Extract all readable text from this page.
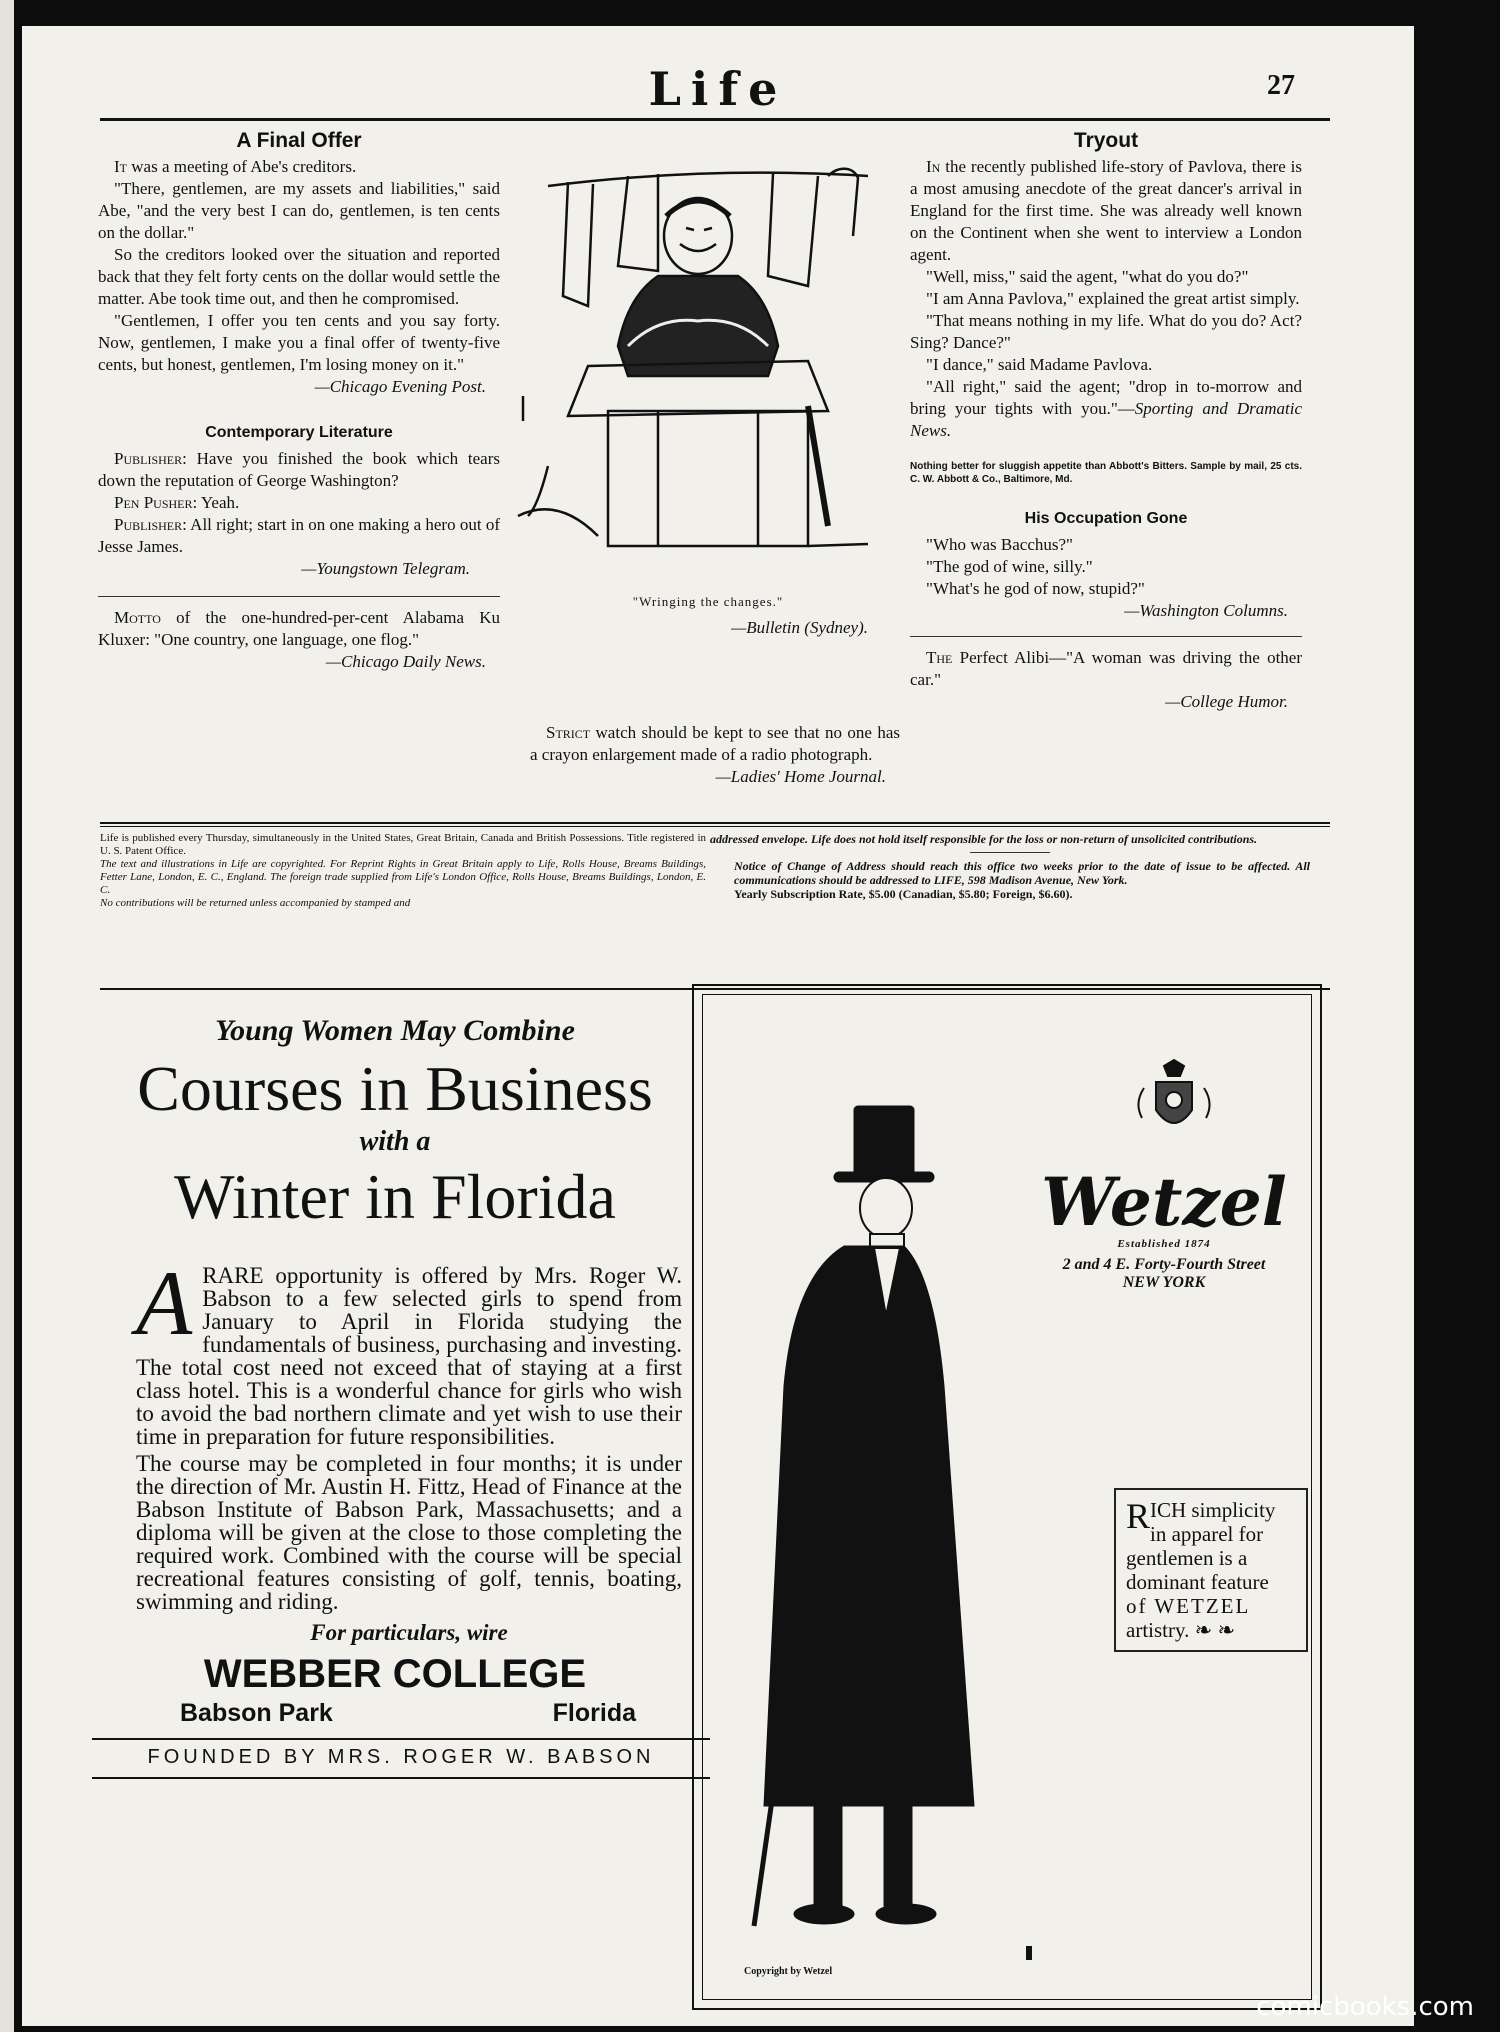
Life	27
A Final Offer

It was a meeting of Abe's creditors.

"There, gentlemen, are my assets and liabilities," said Abe, "and the very best I can do, gentlemen, is ten cents on the dollar."

So the creditors looked over the situation and reported back that they felt forty cents on the dollar would settle the matter. Abe took time out, and then he compromised.

"Gentlemen, I offer you ten cents and you say forty. Now, gentlemen, I make you a final offer of twenty-five cents, but honest, gentlemen, I'm losing money on it."

—Chicago Evening Post.
Contemporary Literature

Publisher: Have you finished the book which tears down the reputation of George Washington?

Pen Pusher: Yeah.

Publisher: All right; start in on one making a hero out of Jesse James.

—Youngstown Telegram.

Motto of the one-hundred-per-cent Alabama Ku Kluxer: "One country, one language, one flog."

—Chicago Daily News.
"Wringing the changes."
—Bulletin (Sydney).

Strict watch should be kept to see that no one has a crayon enlargement made of a radio photograph.

—Ladies' Home Journal.
Tryout

In the recently published life-story of Pavlova, there is a most amusing anecdote of the great dancer's arrival in England for the first time. She was already well known on the Continent when she went to interview a London agent.

"Well, miss," said the agent, "what do you do?"

"I am Anna Pavlova," explained the great artist simply.

"That means nothing in my life. What do you do? Act? Sing? Dance?"

"I dance," said Madame Pavlova.

"All right," said the agent; "drop in to-morrow and bring your tights with you."—Sporting and Dramatic News.

Nothing better for sluggish appetite than Abbott's Bitters. Sample by mail, 25 cts. C. W. Abbott & Co., Baltimore, Md.
His Occupation Gone

"Who was Bacchus?"

"The god of wine, silly."

"What's he god of now, stupid?"

—Washington Columns.

The Perfect Alibi—"A woman was driving the other car."

—College Humor.
Life is published every Thursday, simultaneously in the United States, Great Britain, Canada and British Possessions. Title registered in U. S. Patent Office.
The text and illustrations in Life are copyrighted. For Reprint Rights in Great Britain apply to Life, Rolls House, Breams Buildings, Fetter Lane, London, E. C., England. The foreign trade supplied from Life's London Office, Rolls House, Breams Buildings, London, E. C.
No contributions will be returned unless accompanied by stamped and
addressed envelope. Life does not hold itself responsible for the loss or non-return of unsolicited contributions.
Notice of Change of Address should reach this office two weeks prior to the date of issue to be affected. All communications should be addressed to LIFE, 598 Madison Avenue, New York.
Yearly Subscription Rate, $5.00 (Canadian, $5.80; Foreign, $6.60).
Young Women May Combine
Courses in Business
with a
Winter in Florida

ARARE opportunity is offered by Mrs. Roger W. Babson to a few selected girls to spend from January to April in Florida studying the fundamentals of business, purchasing and investing. The total cost need not exceed that of staying at a first class hotel. This is a wonderful chance for girls who wish to avoid the bad northern climate and yet wish to use their time in preparation for future responsibilities.

The course may be completed in four months; it is under the direction of Mr. Austin H. Fittz, Head of Finance at the Babson Institute of Babson Park, Massachusetts; and a diploma will be given at the close to those completing the required work. Combined with the course will be special recreational features consisting of golf, tennis, boating, swimming and riding.

For particulars, wire
WEBBER COLLEGE
Babson Park	Florida
FOUNDED BY MRS. ROGER W. BABSON
Wetzel
Established 1874
2 and 4 E. Forty-Fourth Street
NEW YORK
R ICH simplicity
in apparel for
gentlemen is a
dominant feature
of WETZEL
artistry. ❧ ❧
Copyright by Wetzel
comicbooks.com
